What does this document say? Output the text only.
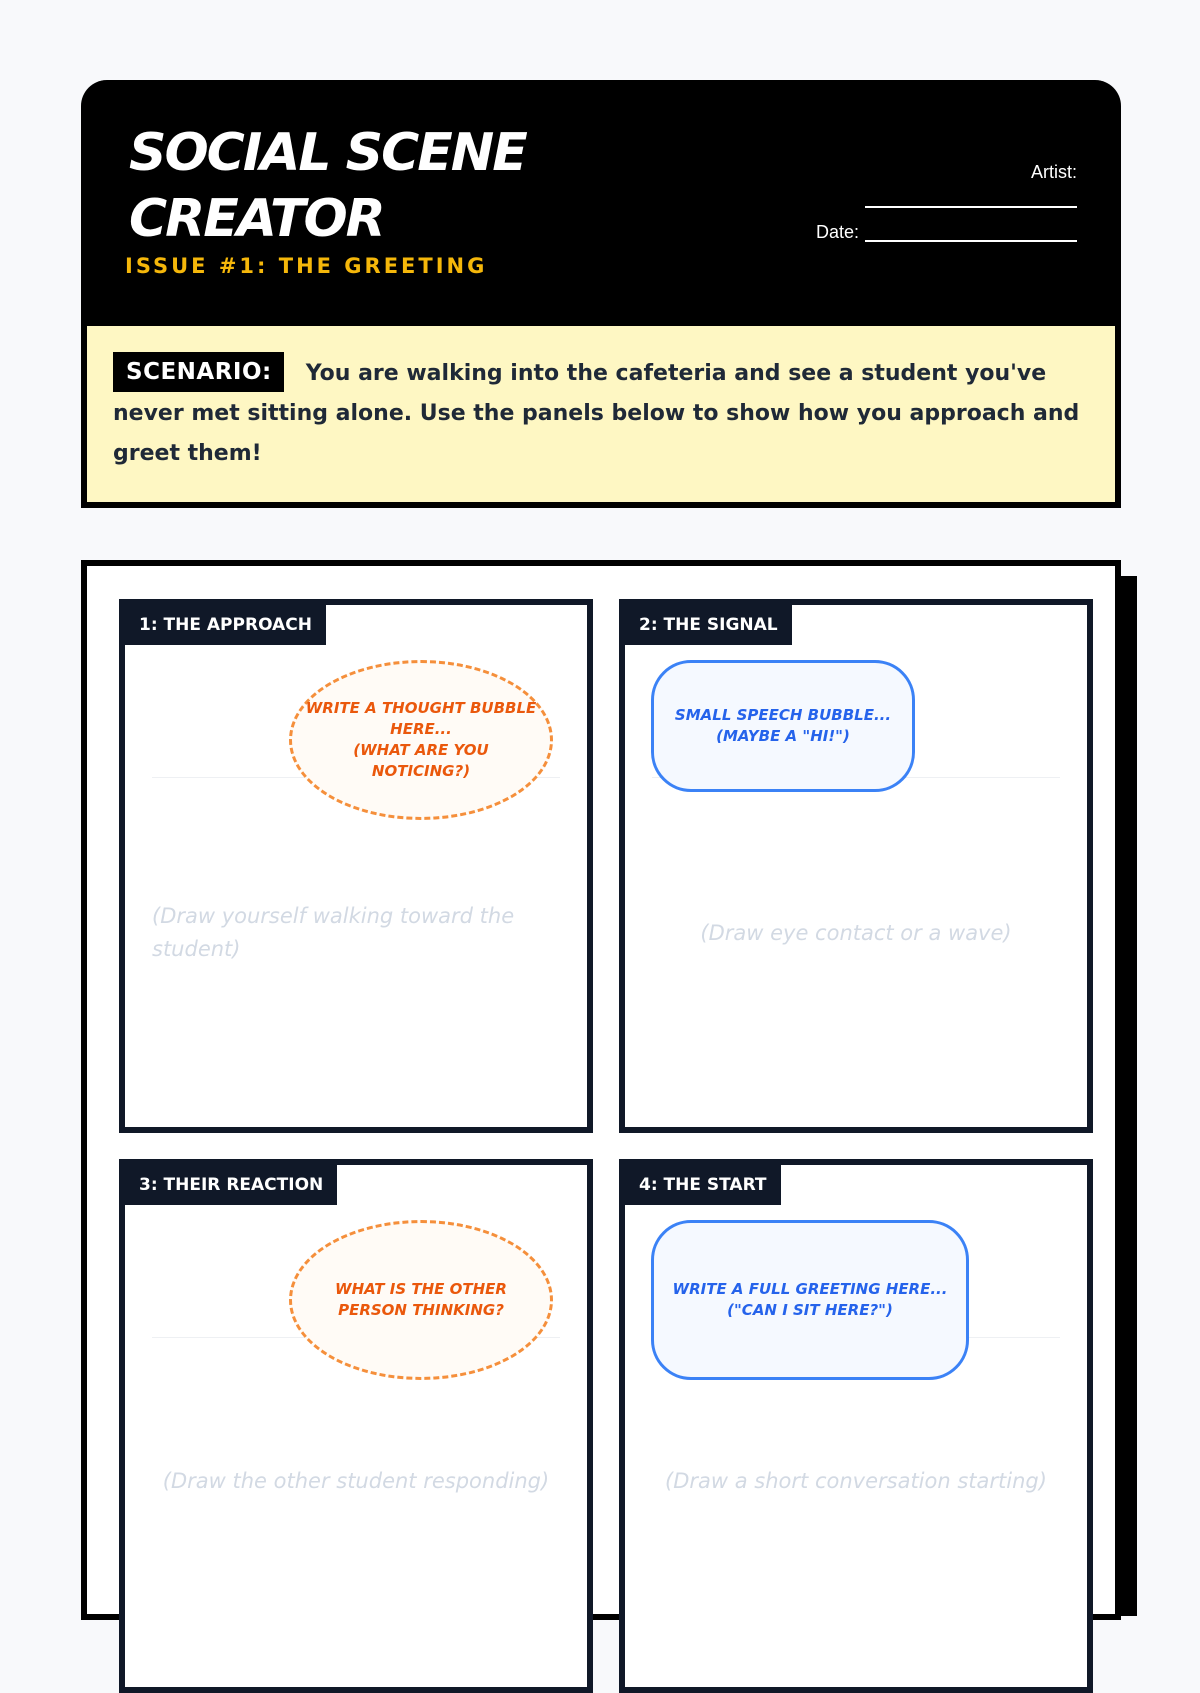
SOCIAL SCENE CREATOR
ISSUE #1: THE GREETING
Artist:
Date:
SCENARIO: You are walking into the cafeteria and see a student you've never met sitting alone. Use the panels below to show how you approach and greet them!
1: THE APPROACH
WRITE A THOUGHT BUBBLE HERE...
(WHAT ARE YOU NOTICING?)
(Draw yourself walking toward the student)
2: THE SIGNAL
SMALL SPEECH BUBBLE...
(MAYBE A "HI!")
(Draw eye contact or a wave)
3: THEIR REACTION
WHAT IS THE OTHER PERSON THINKING?
(Draw the other student responding)
4: THE START
WRITE A FULL GREETING HERE...
("CAN I SIT HERE?")
(Draw a short conversation starting)
